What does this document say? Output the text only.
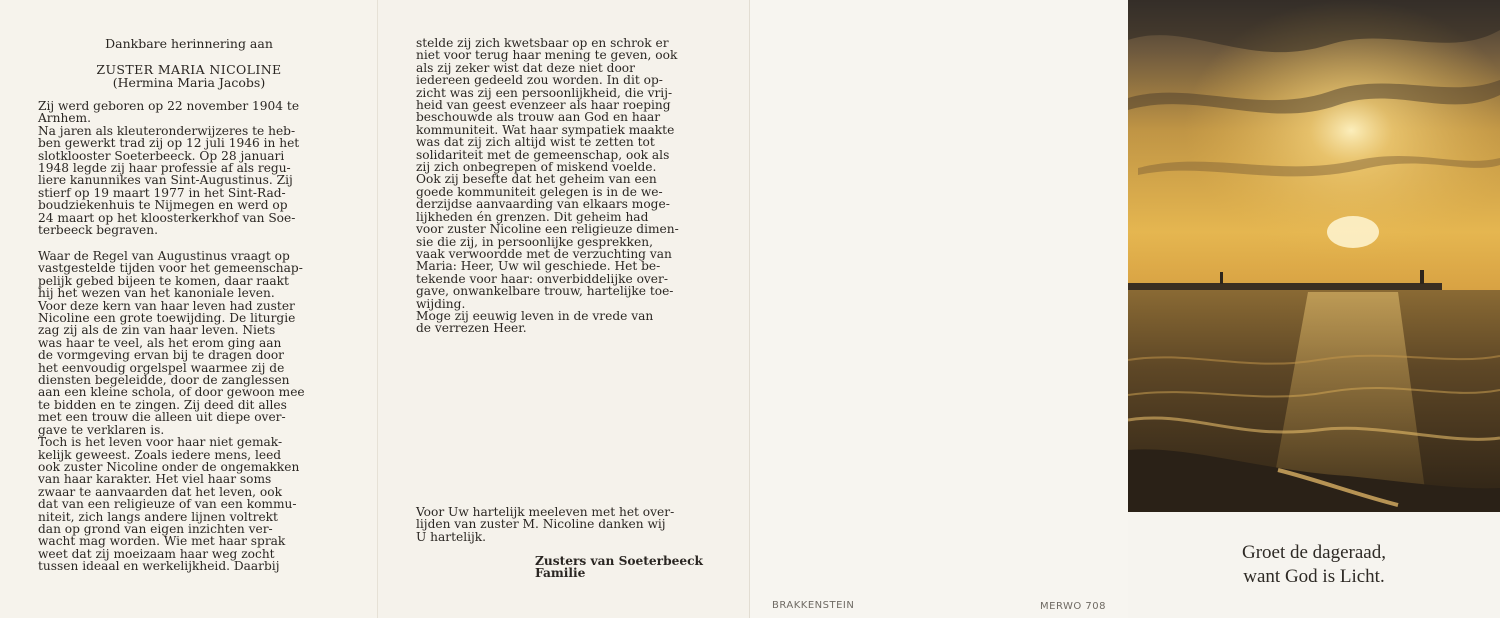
Dankbare herinnering aan
ZUSTER MARIA NICOLINE
(Hermina Maria Jacobs)

Zij werd geboren op 22 november 1904 te
Arnhem.
Na jaren als kleuteronderwijzeres te heb-
ben gewerkt trad zij op 12 juli 1946 in het
slotklooster Soeterbeeck. Op 28 januari
1948 legde zij haar professie af als regu-
liere kanunnikes van Sint-Augustinus. Zij
stierf op 19 maart 1977 in het Sint-Rad-
boudziekenhuis te Nijmegen en werd op
24 maart op het kloosterkerkhof van Soe-
terbeeck begraven.

Waar de Regel van Augustinus vraagt op
vastgestelde tijden voor het gemeenschap-
pelijk gebed bijeen te komen, daar raakt
hij het wezen van het kanoniale leven.
Voor deze kern van haar leven had zuster
Nicoline een grote toewijding. De liturgie
zag zij als de zin van haar leven. Niets
was haar te veel, als het erom ging aan
de vormgeving ervan bij te dragen door
het eenvoudig orgelspel waarmee zij de
diensten begeleidde, door de zanglessen
aan een kleine schola, of door gewoon mee
te bidden en te zingen. Zij deed dit alles
met een trouw die alleen uit diepe over-
gave te verklaren is.
Toch is het leven voor haar niet gemak-
kelijk geweest. Zoals iedere mens, leed
ook zuster Nicoline onder de ongemakken
van haar karakter. Het viel haar soms
zwaar te aanvaarden dat het leven, ook
dat van een religieuze of van een kommu-
niteit, zich langs andere lijnen voltrekt
dan op grond van eigen inzichten ver-
wacht mag worden. Wie met haar sprak
weet dat zij moeizaam haar weg zocht
tussen ideaal en werkelijkheid. Daarbij

stelde zij zich kwetsbaar op en schrok er
niet voor terug haar mening te geven, ook
als zij zeker wist dat deze niet door
iedereen gedeeld zou worden. In dit op-
zicht was zij een persoonlijkheid, die vrij-
heid van geest evenzeer als haar roeping
beschouwde als trouw aan God en haar
kommuniteit. Wat haar sympatiek maakte
was dat zij zich altijd wist te zetten tot
solidariteit met de gemeenschap, ook als
zij zich onbegrepen of miskend voelde.
Ook zij besefte dat het geheim van een
goede kommuniteit gelegen is in de we-
derzijdse aanvaarding van elkaars moge-
lijkheden én grenzen. Dit geheim had
voor zuster Nicoline een religieuze dimen-
sie die zij, in persoonlijke gesprekken,
vaak verwoordde met de verzuchting van
Maria: Heer, Uw wil geschiede. Het be-
tekende voor haar: onverbiddelijke over-
gave, onwankelbare trouw, hartelijke toe-
wijding.
Moge zij eeuwig leven in de vrede van
de verrezen Heer.

Voor Uw hartelijk meeleven met het over-
lijden van zuster M. Nicoline danken wij
U hartelijk.

Zusters van Soeterbeeck
Familie

BRAKKENSTEIN	MERWO 708
Groet de dageraad,
want God is Licht.
